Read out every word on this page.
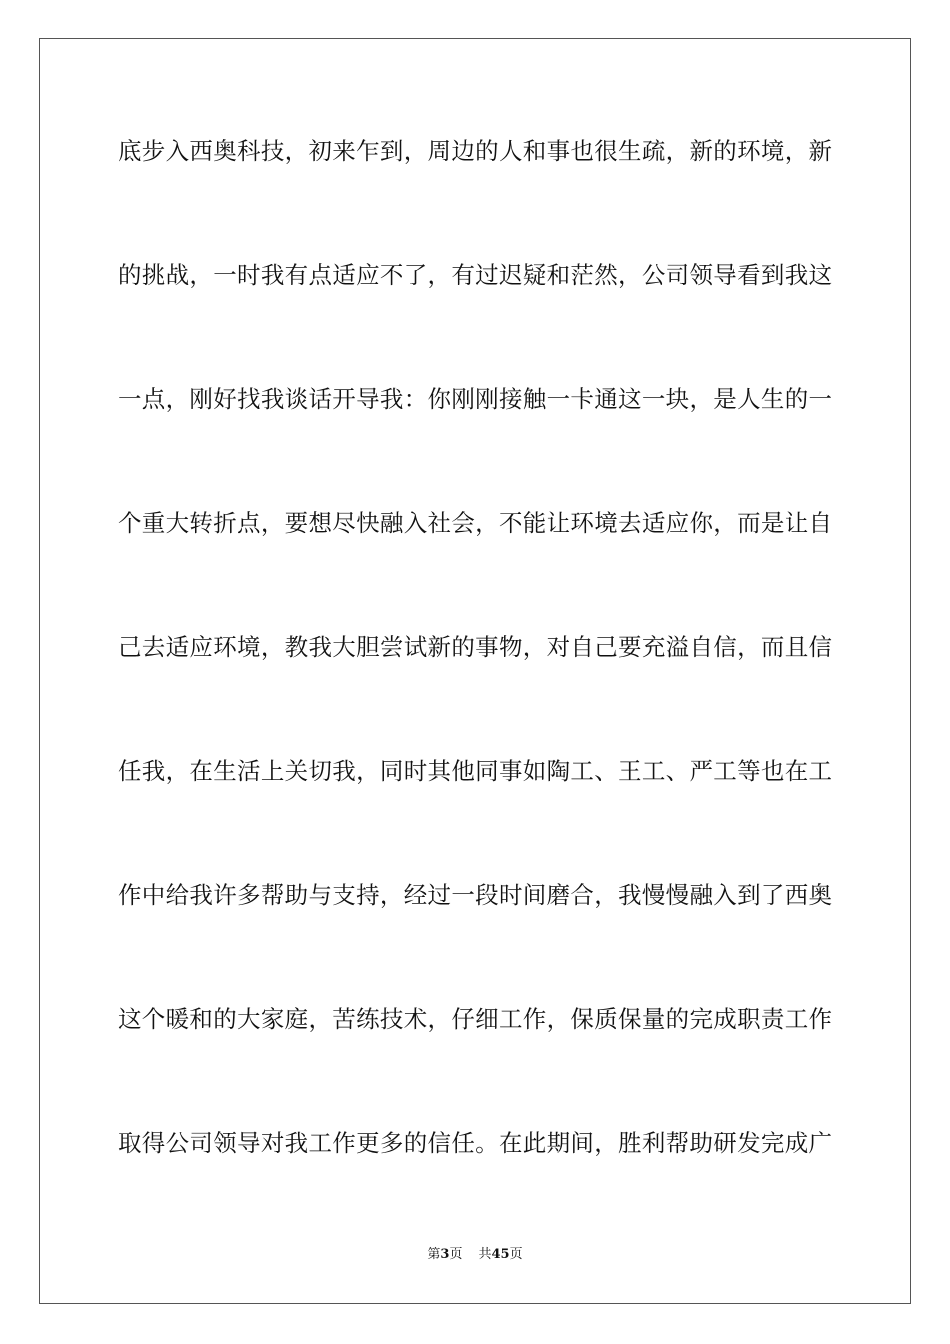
底步入西奥科技，初来乍到，周边的人和事也很生疏，新的环境，新
的挑战，一时我有点适应不了，有过迟疑和茫然，公司领导看到我这
一点，刚好找我谈话开导我：你刚刚接触一卡通这一块，是人生的一
个重大转折点，要想尽快融入社会，不能让环境去适应你，而是让自
己去适应环境，教我大胆尝试新的事物，对自己要充溢自信，而且信
任我，在生活上关切我，同时其他同事如陶工、王工、严工等也在工
作中给我许多帮助与支持，经过一段时间磨合，我慢慢融入到了西奥
这个暖和的大家庭，苦练技术，仔细工作，保质保量的完成职责工作
取得公司领导对我工作更多的信任。在此期间，胜利帮助研发完成广
第3页 共45页
